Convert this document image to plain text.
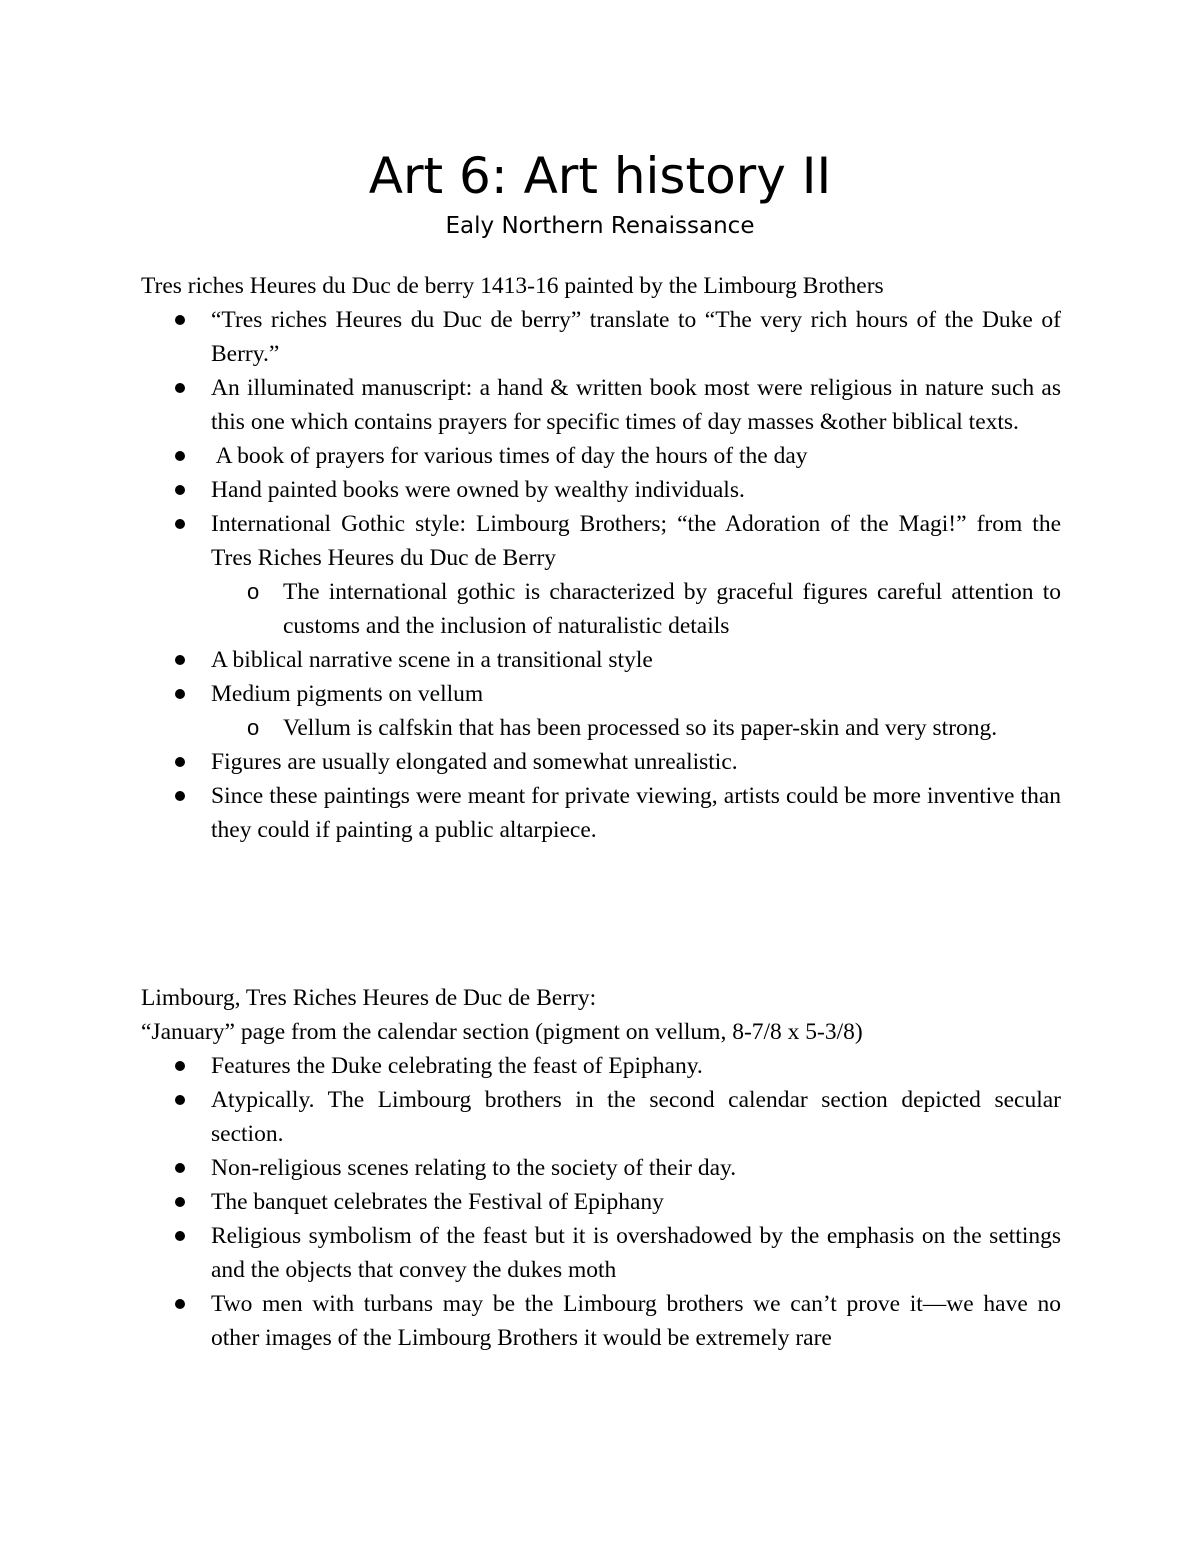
Art 6: Art history II
Ealy Northern Renaissance

Tres riches Heures du Duc de berry 1413-16 painted by the Limbourg Brothers

“Tres riches Heures du Duc de berry” translate to “The very rich hours of the Duke of Berry.”
An illuminated manuscript: a hand & written book most were religious in nature such as this one which contains prayers for specific times of day masses &other biblical texts.
A book of prayers for various times of day the hours of the day
Hand painted books were owned by wealthy individuals.
International Gothic style: Limbourg Brothers; “the Adoration of the Magi!” from the Tres Riches Heures du Duc de Berry
o The international gothic is characterized by graceful figures careful attention to customs and the inclusion of naturalistic details
A biblical narrative scene in a transitional style
Medium pigments on vellum
o Vellum is calfskin that has been processed so its paper-skin and very strong.
Figures are usually elongated and somewhat unrealistic.
Since these paintings were meant for private viewing, artists could be more inventive than they could if painting a public altarpiece.

Limbourg, Tres Riches Heures de Duc de Berry:

“January” page from the calendar section (pigment on vellum, 8-7/8 x 5-3/8)

Features the Duke celebrating the feast of Epiphany.
Atypically. The Limbourg brothers in the second calendar section depicted secular section.
Non-religious scenes relating to the society of their day.
The banquet celebrates the Festival of Epiphany
Religious symbolism of the feast but it is overshadowed by the emphasis on the settings and the objects that convey the dukes moth
Two men with turbans may be the Limbourg brothers we can’t prove it—we have no other images of the Limbourg Brothers it would be extremely rare
